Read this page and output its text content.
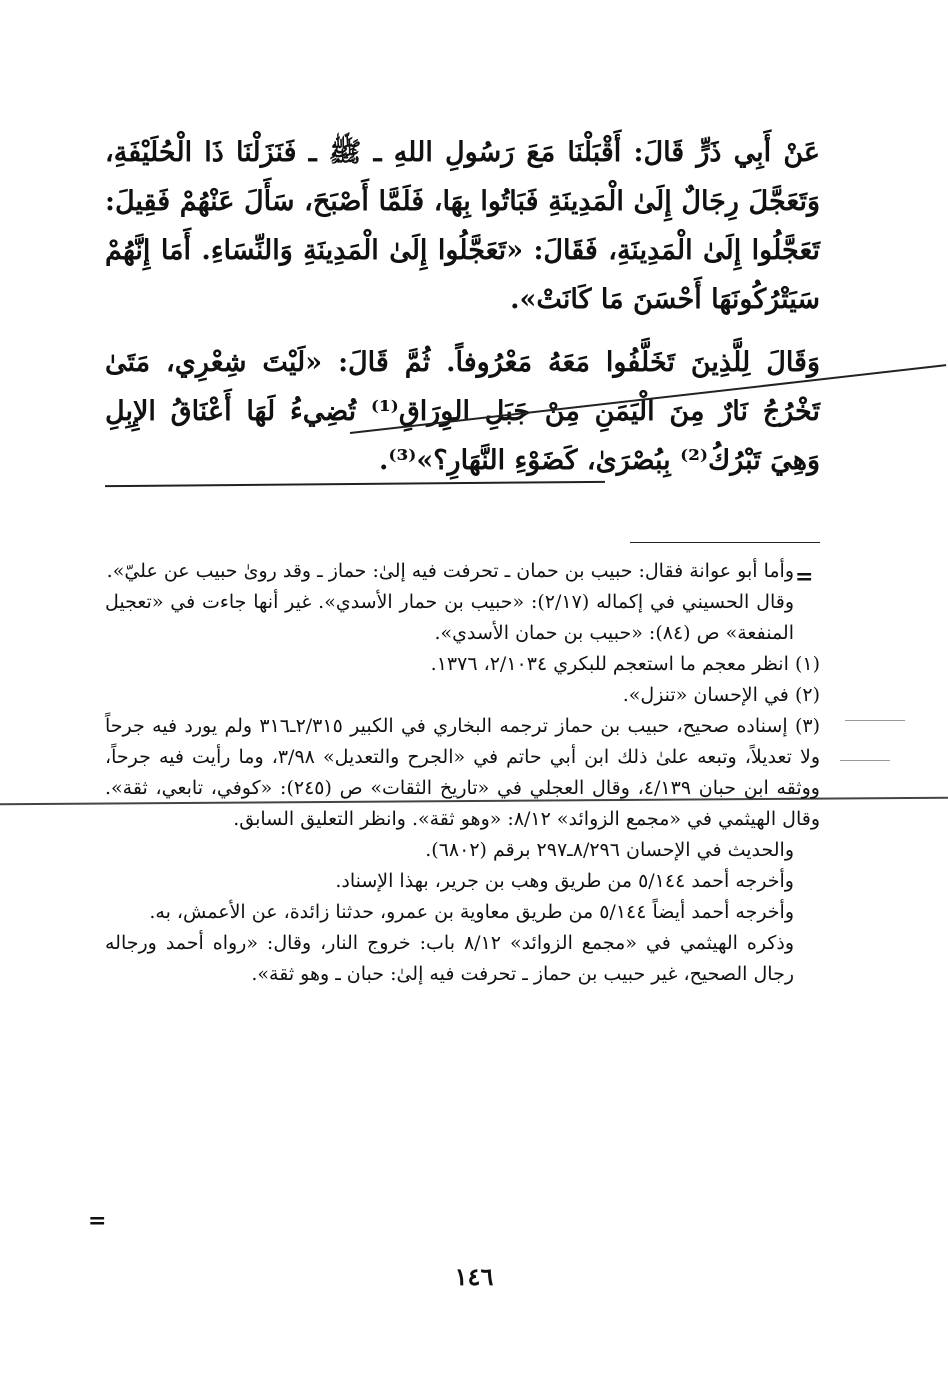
عَنْ أَبِي ذَرٍّ قَالَ: أَقْبَلْنَا مَعَ رَسُولِ اللهِ ـ ﷺ ـ فَنَزَلْنَا ذَا الْحُلَيْفَةِ، وَتَعَجَّلَ رِجَالٌ إِلَىٰ الْمَدِينَةِ فَبَاتُوا بِهَا، فَلَمَّا أَصْبَحَ، سَأَلَ عَنْهُمْ فَقِيلَ: تَعَجَّلُوا إِلَىٰ الْمَدِينَةِ، فَقَالَ: «تَعَجَّلُوا إِلَىٰ الْمَدِينَةِ وَالنِّسَاءِ. أَمَا إِنَّهُمْ سَيَتْرُكُونَهَا أَحْسَنَ مَا كَانَتْ».

وَقَالَ لِلَّذِينَ تَخَلَّفُوا مَعَهُ مَعْرُوفاً. ثُمَّ قَالَ: «لَيْتَ شِعْرِي، مَتَىٰ تَخْرُجُ نَارٌ مِنَ الْيَمَنِ مِنْ جَبَلِ الوِرَاقِ⁽¹⁾ تُضِيءُ لَهَا أَعْنَاقُ الإِبِلِ وَهِيَ تَبْرُكُ⁽²⁾ بِبُصْرَىٰ، كَضَوْءِ النَّهَارِ؟»⁽³⁾.

=

وأما أبو عوانة فقال: حبيب بن حمان ـ تحرفت فيه إلىٰ: حماز ـ وقد روىٰ حبيب عن عليّ».

وقال الحسيني في إكماله (٢/١٧): «حبيب بن حمار الأسدي». غير أنها جاءت في «تعجيل المنفعة» ص (٨٤): «حبيب بن حمان الأسدي».

(١) انظر معجم ما استعجم للبكري ٢/١٠٣٤، ١٣٧٦.

(٢) في الإحسان «تنزل».

(٣) إسناده صحيح، حبيب بن حماز ترجمه البخاري في الكبير ٢/٣١٥ـ٣١٦ ولم يورد فيه جرحاً ولا تعديلاً، وتبعه علىٰ ذلك ابن أبي حاتم في «الجرح والتعديل» ٣/٩٨، وما رأيت فيه جرحاً، ووثقه ابن حبان ٤/١٣٩، وقال العجلي في «تاريخ الثقات» ص (٢٤٥): «كوفي، تابعي، ثقة». وقال الهيثمي في «مجمع الزوائد» ٨/١٢: «وهو ثقة». وانظر التعليق السابق.

والحديث في الإحسان ٨/٢٩٦ـ٢٩٧ برقم (٦٨٠٢).

وأخرجه أحمد ٥/١٤٤ من طريق وهب بن جرير، بهذا الإسناد.

وأخرجه أحمد أيضاً ٥/١٤٤ من طريق معاوية بن عمرو، حدثنا زائدة، عن الأعمش، به.

وذكره الهيثمي في «مجمع الزوائد» ٨/١٢ باب: خروج النار، وقال: «رواه أحمد ورجاله رجال الصحيح، غير حبيب بن حماز ـ تحرفت فيه إلىٰ: حبان ـ وهو ثقة».

=
١٤٦
